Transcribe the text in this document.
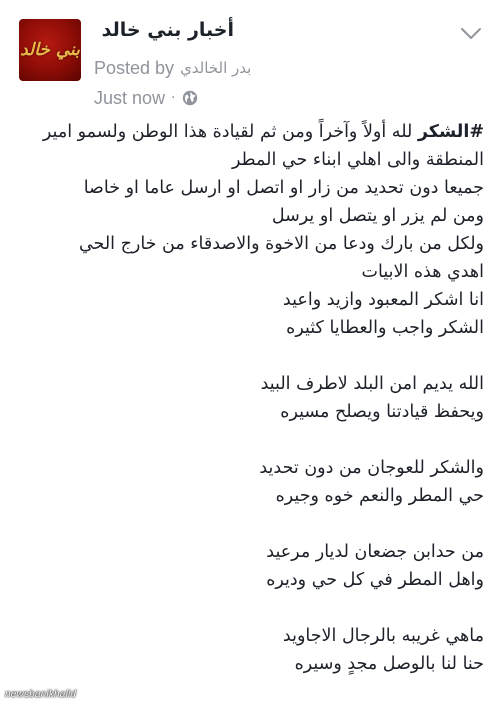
بني خالد
أخبار بني خالد
Posted by بدر الخالدي
Just now ·
#الشكر لله أولاً وآخراً ومن ثم لقيادة هذا الوطن ولسمو امير
المنطقة والى اهلي ابناء حي المطر
جميعا دون تحديد من زار او اتصل او ارسل عاما او خاصا
ومن لم يزر او يتصل او يرسل
ولكل من بارك ودعا من الاخوة والاصدقاء من خارج الحي
اهدي هذه الابيات
انا اشكر المعبود وازيد واعيد
الشكر واجب والعطايا كثيره
الله يديم امن البلد لاطرف البيد
ويحفظ قيادتنا ويصلح مسيره
والشكر للعوجان من دون تحديد
حي المطر والنعم خوه وجيره
من حدابن جضعان لديار مرعيد
واهل المطر في كل حي وديره
ماهي غريبه بالرجال الاجاويد
حنا لنا بالوصل مجدٍ وسيره
newsbanikhalid
